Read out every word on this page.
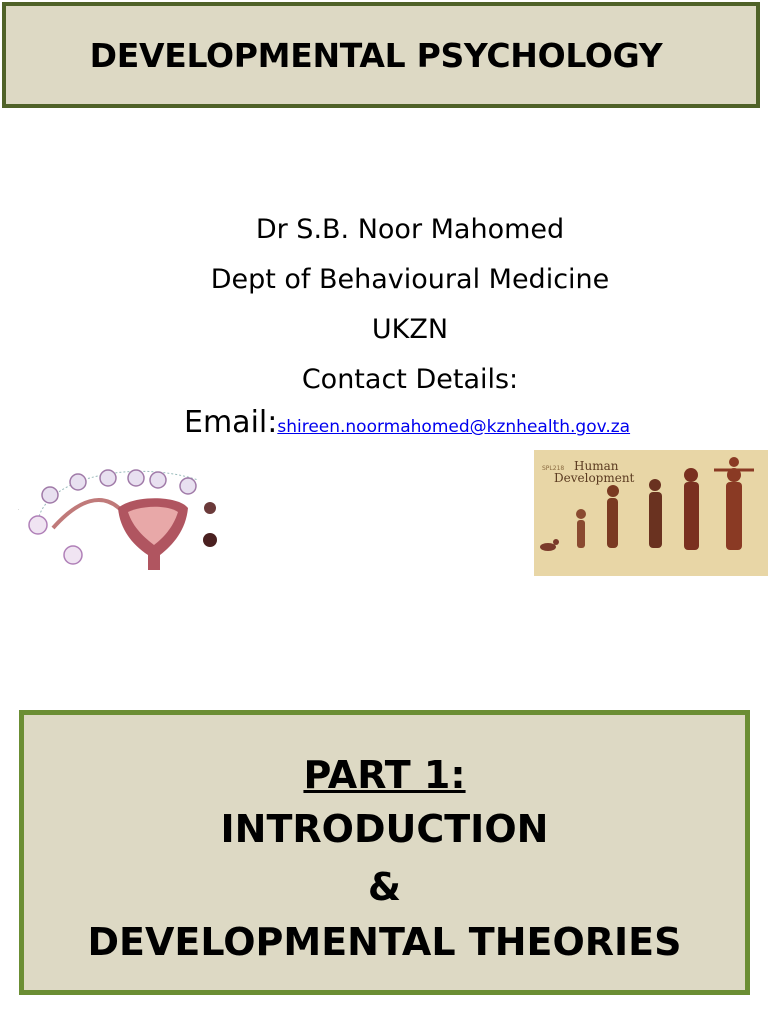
DEVELOPMENTAL PSYCHOLOGY
Dr S.B. Noor Mahomed
Dept of Behavioural Medicine
UKZN
Contact Details:
Email:shireen.noormahomed@kznhealth.gov.za
.
SPL218 Human
Development
PART 1:
INTRODUCTION
&
DEVELOPMENTAL THEORIES
